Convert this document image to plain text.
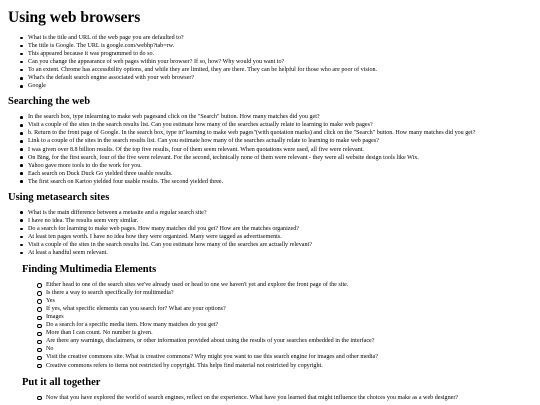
Using web browsers
What is the title and URL of the web page you are defaulted to?
The title is Google. The URL is google.com/webhp?tab=rw.
This appeared because it was programmed to do so.
Can you change the appearance of web pages within your browser? If so, how? Why would you want to?
To an extent. Chrome has accessibility options, and while they are limited, they are there. They can be helpful for those who are poor of vision.
What's the default search engine associated with your web browser?
Google
Searching the web
In the search box, type inlearning to make web pagesand click on the "Search" button. How many matches did you get?
Visit a couple of the sites in the search results list. Can you estimate how many of the searches actually relate to learning to make web pages?
b. Return to the front page of Google. In the search box, type in"learning to make web pages"(with quotation marks) and click on the "Search" button. How many matches did you get?
Link to a couple of the sites in the search results list. Can you estimate how many of the searches actually relate to learning to make web pages?
I was given over 8.8 billion results. Of the top five results, four of them seem relevant. When quotations were used, all five were relevant.
On Bing, for the first search, four of the five were relevant. For the second, technically none of them were relevant - they were all website design tools like Wix.
Yahoo gave more tools to do the work for you.
Each search on Duck Duck Go yielded three usable results.
The first search on Kartoo yielded four usable results. The second yielded three.
Using metasearch sites
What is the main difference between a metasite and a regular search site?
I have no idea. The results seem very similar.
Do a search for learning to make web pages. How many matches did you get? How are the matches organized?
At least ten pages worth. I have no idea how they were organized. Many were tagged as advertisements.
Visit a couple of the sites in the search results list. Can you estimate how many of the searches are actually relevant?
At least a handful seem relevant.
Finding Multimedia Elements
Either head to one of the search sites we've already used or head to one we haven't yet and explore the front page of the site.
Is there a way to search specifically for multimedia?
Yes
If yes, what specific elements can you search for? What are your options?
Images
Do a search for a specific media item. How many matches do you get?
More than I can count. No number is given.
Are there any warnings, disclaimers, or other information provided about using the results of your searches embedded in the interface?
No
Visit the creative commons site. What is creative commons? Why might you want to use this search engine for images and other media?
Creative commons refers to items not restricted by copyright. This helps find material not restricted by copyright.
Put it all together
Now that you have explored the world of search engines, reflect on the experience. What have you learned that might influence the choices you make as a web designer?
